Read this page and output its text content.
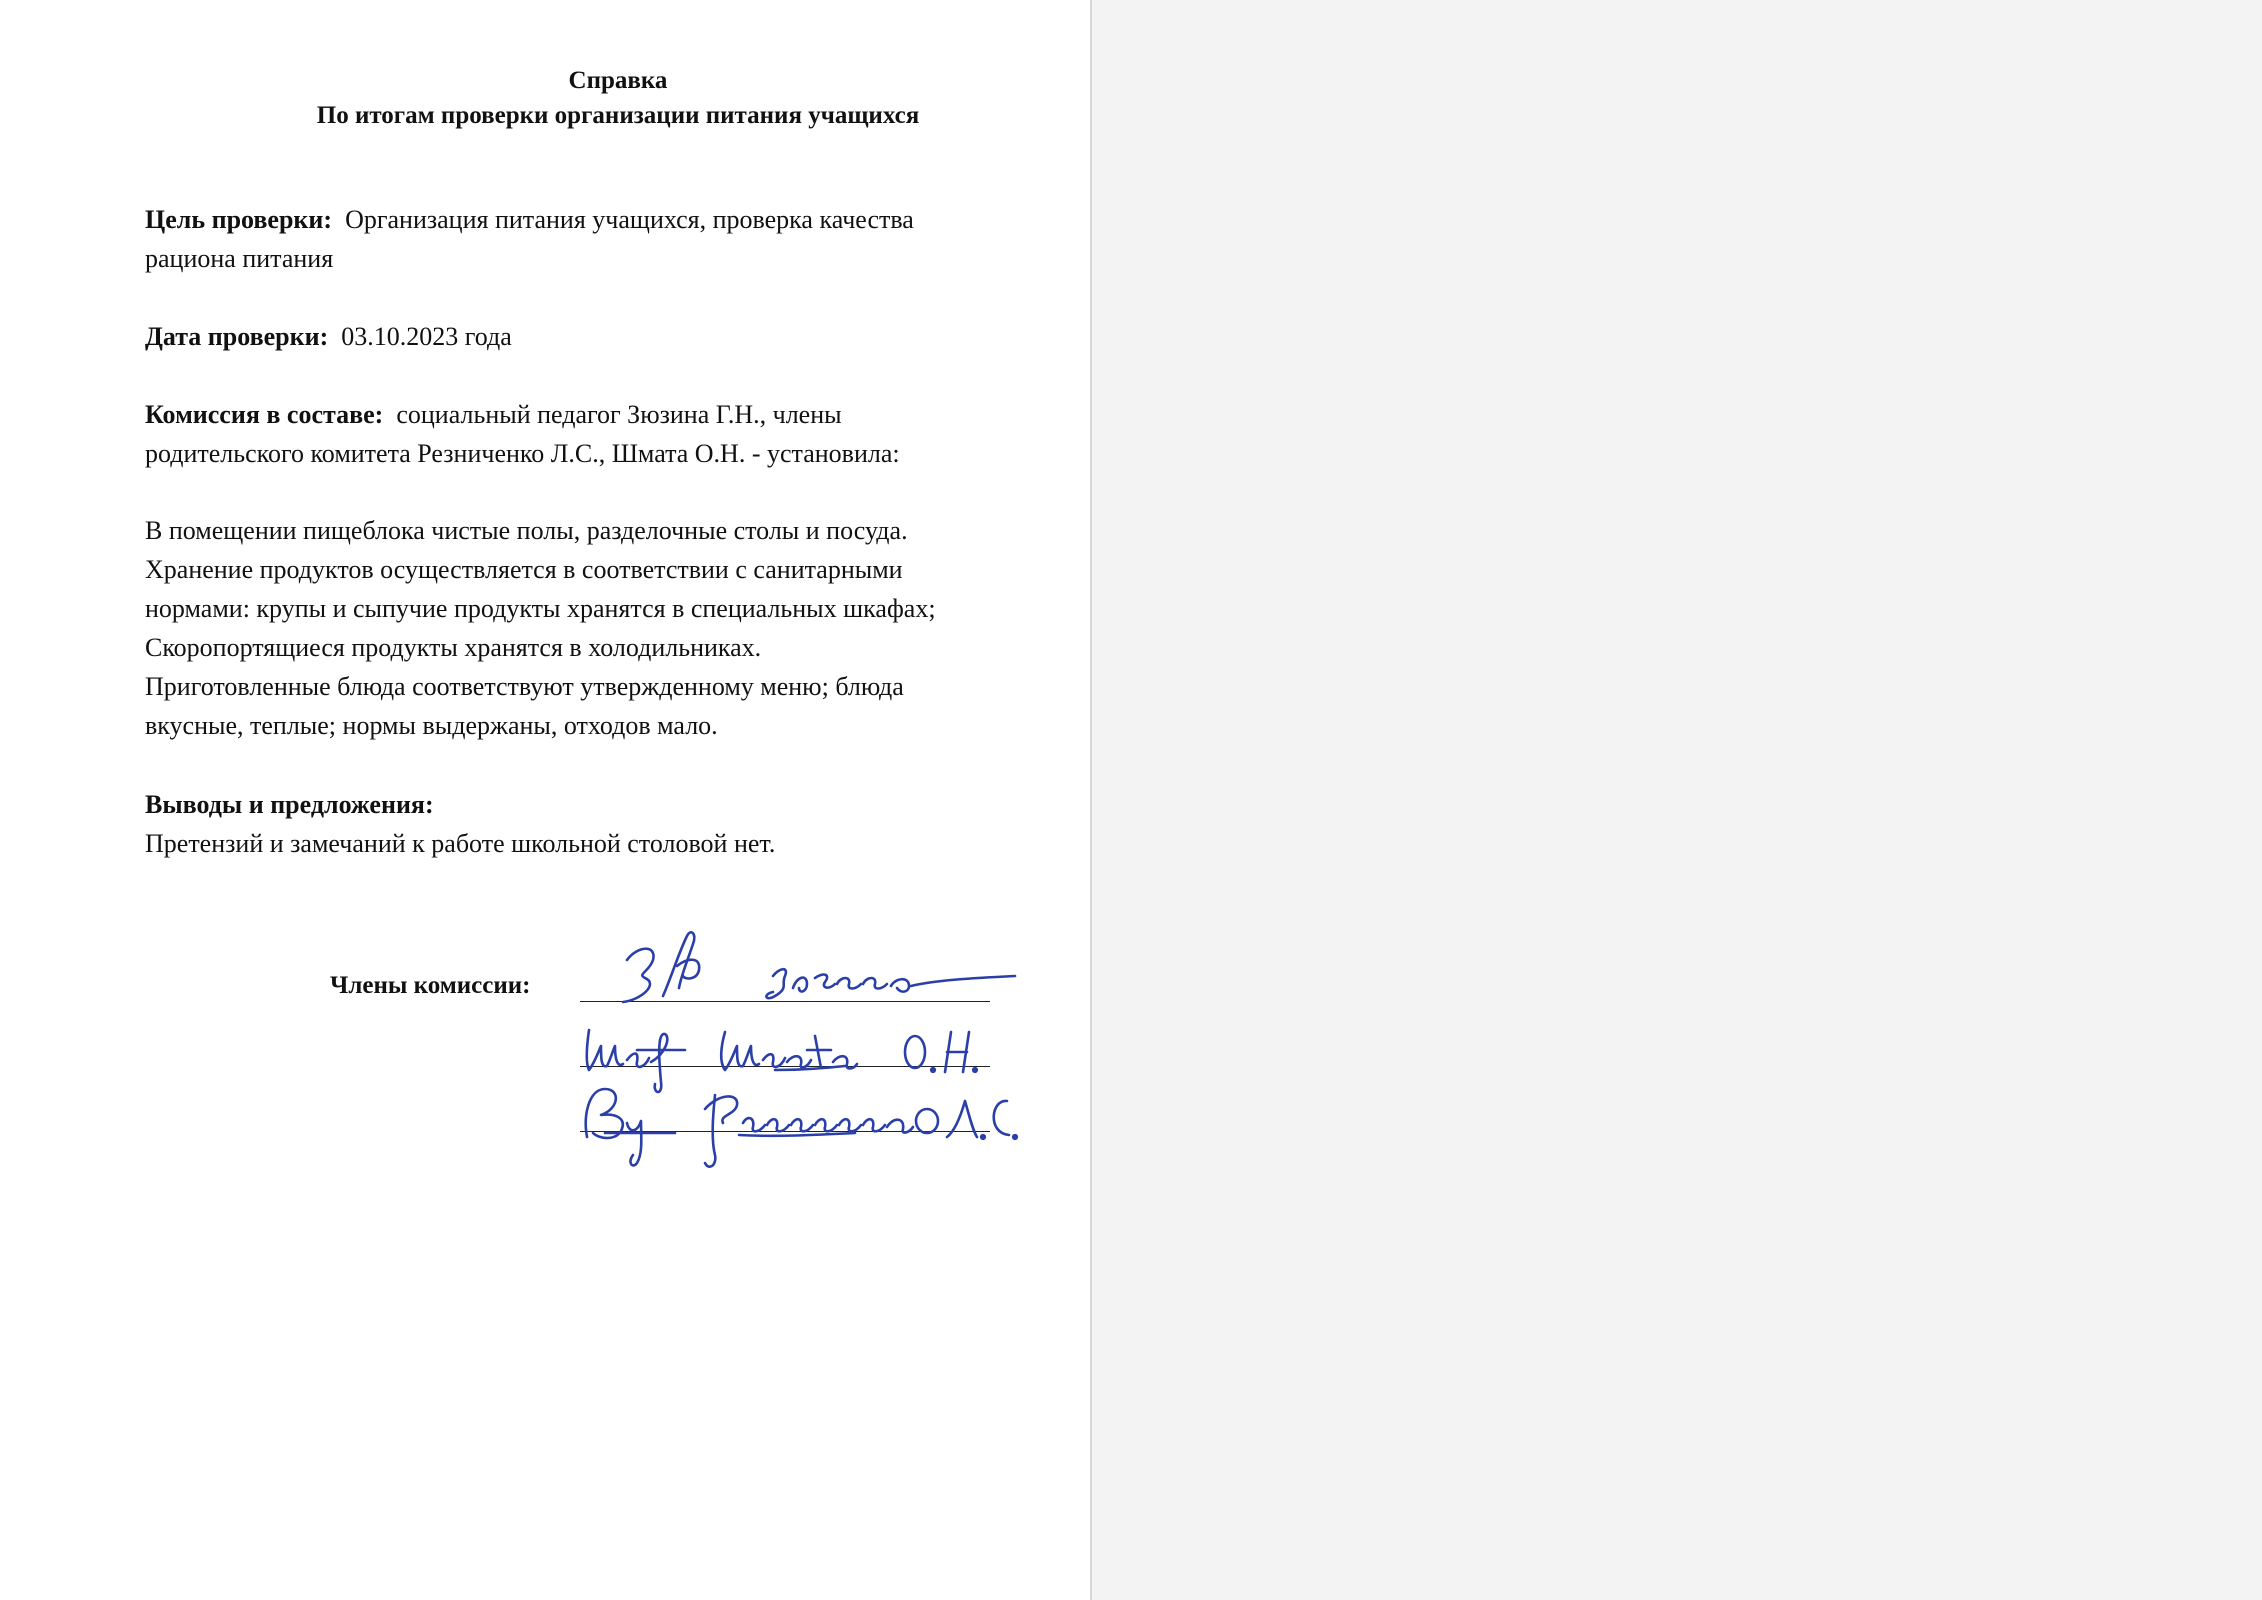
Справка
По итогам проверки организации питания учащихся
Цель проверки: Организация питания учащихся, проверка качества
рациона питания
Дата проверки: 03.10.2023 года
Комиссия в составе: социальный педагог Зюзина Г.Н., члены
родительского комитета Резниченко Л.С., Шмата О.Н. - установила:
В помещении пищеблока чистые полы, разделочные столы и посуда.
Хранение продуктов осуществляется в соответствии с санитарными
нормами: крупы и сыпучие продукты хранятся в специальных шкафах;
Скоропортящиеся продукты хранятся в холодильниках.
Приготовленные блюда соответствуют утвержденному меню; блюда
вкусные, теплые; нормы выдержаны, отходов мало.
Выводы и предложения:
Претензий и замечаний к работе школьной столовой нет.
Члены комиссии:
